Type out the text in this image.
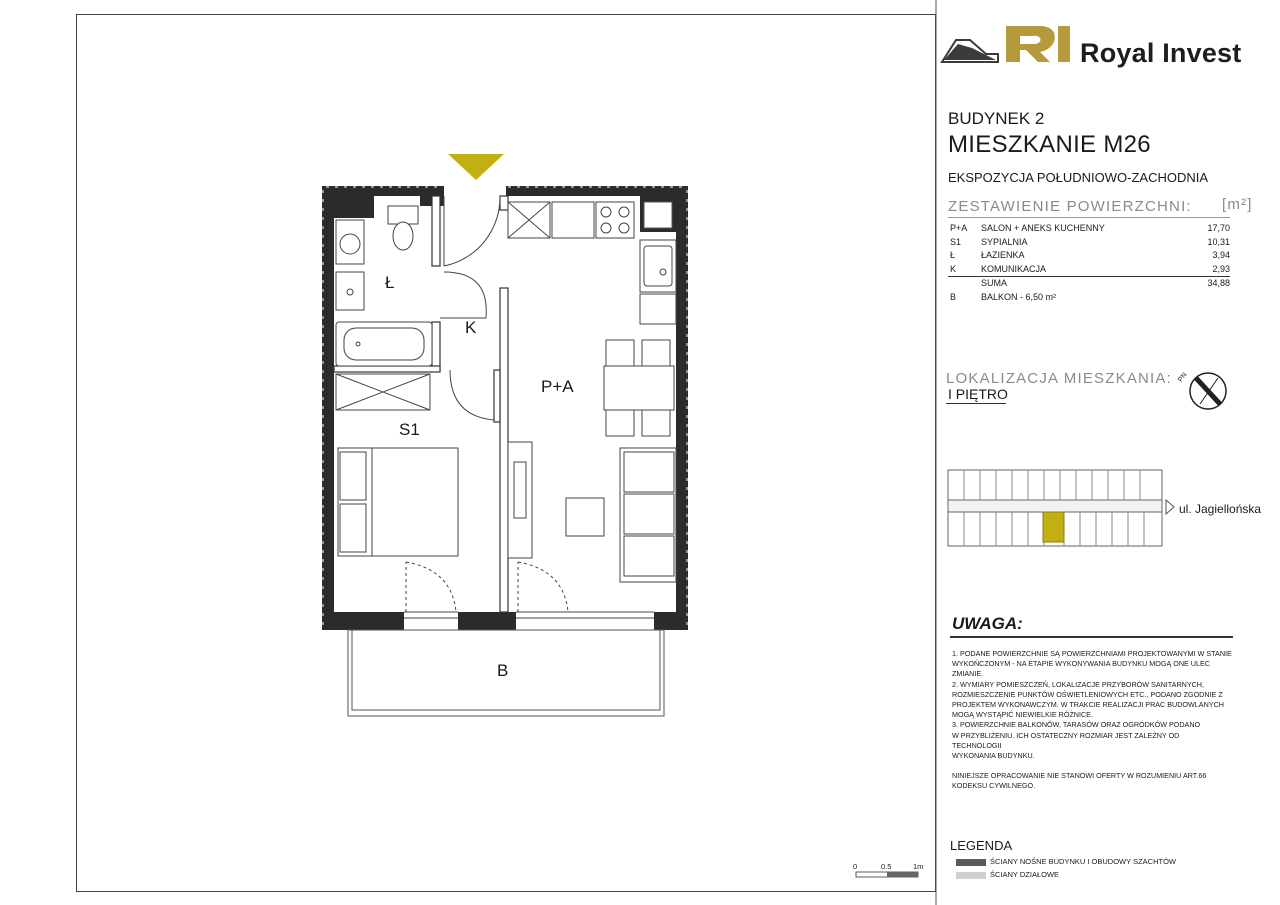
Royal Invest
BUDYNEK 2
MIESZKANIE M26
EKSPOZYCJA POŁUDNIOWO-ZACHODNIA
ZESTAWIENIE POWIERZCHNI: [m²]
P+A SALON + ANEKS KUCHENNY	17,70
S1 SYPIALNIA	10,31
Ł	ŁAZIENKA	3,94
K	KOMUNIKACJA	2,93
SUMA	34,88
B	BALKON - 6,50 m²
LOKALIZACJA MIESZKANIA:
I PIĘTRO
PN
ul. Jagiellońska
Ł
K
P+A
S1
B
UWAGA:

1. PODANE POWIERZCHNIE SĄ POWIERZCHNIAMI PROJEKTOWANYMI W STANIE

WYKOŃCZONYM - NA ETAPIE WYKONYWANIA BUDYNKU MOGĄ ONE ULEC

ZMIANIE.

2. WYMIARY POMIESZCZEŃ, LOKALIZACJE PRZYBORÓW SANITARNYCH,

ROZMIESZCZENIE PUNKTÓW OŚWIETLENIOWYCH ETC., PODANO ZGODNIE Z

PROJEKTEM WYKONAWCZYM. W TRAKCIE REALIZACJI PRAC BUDOWLANYCH

MOGĄ WYSTĄPIĆ NIEWIELKIE RÓŻNICE.

3. POWIERZCHNIE BALKONÓW, TARASÓW ORAZ OGRÓDKÓW PODANO

W PRZYBLIŻENIU. ICH OSTATECZNY ROZMIAR JEST ZALEŻNY OD

TECHNOLOGII

WYKONANIA BUDYNKU.

NINIEJSZE OPRACOWANIE NIE STANOWI OFERTY W ROZUMIENIU ART.66

KODEKSU CYWILNEGO.

LEGENDA
ŚCIANY NOŚNE BUDYNKU I OBUDOWY SZACHTÓW
ŚCIANY DZIAŁOWE
0	0.5	1m
